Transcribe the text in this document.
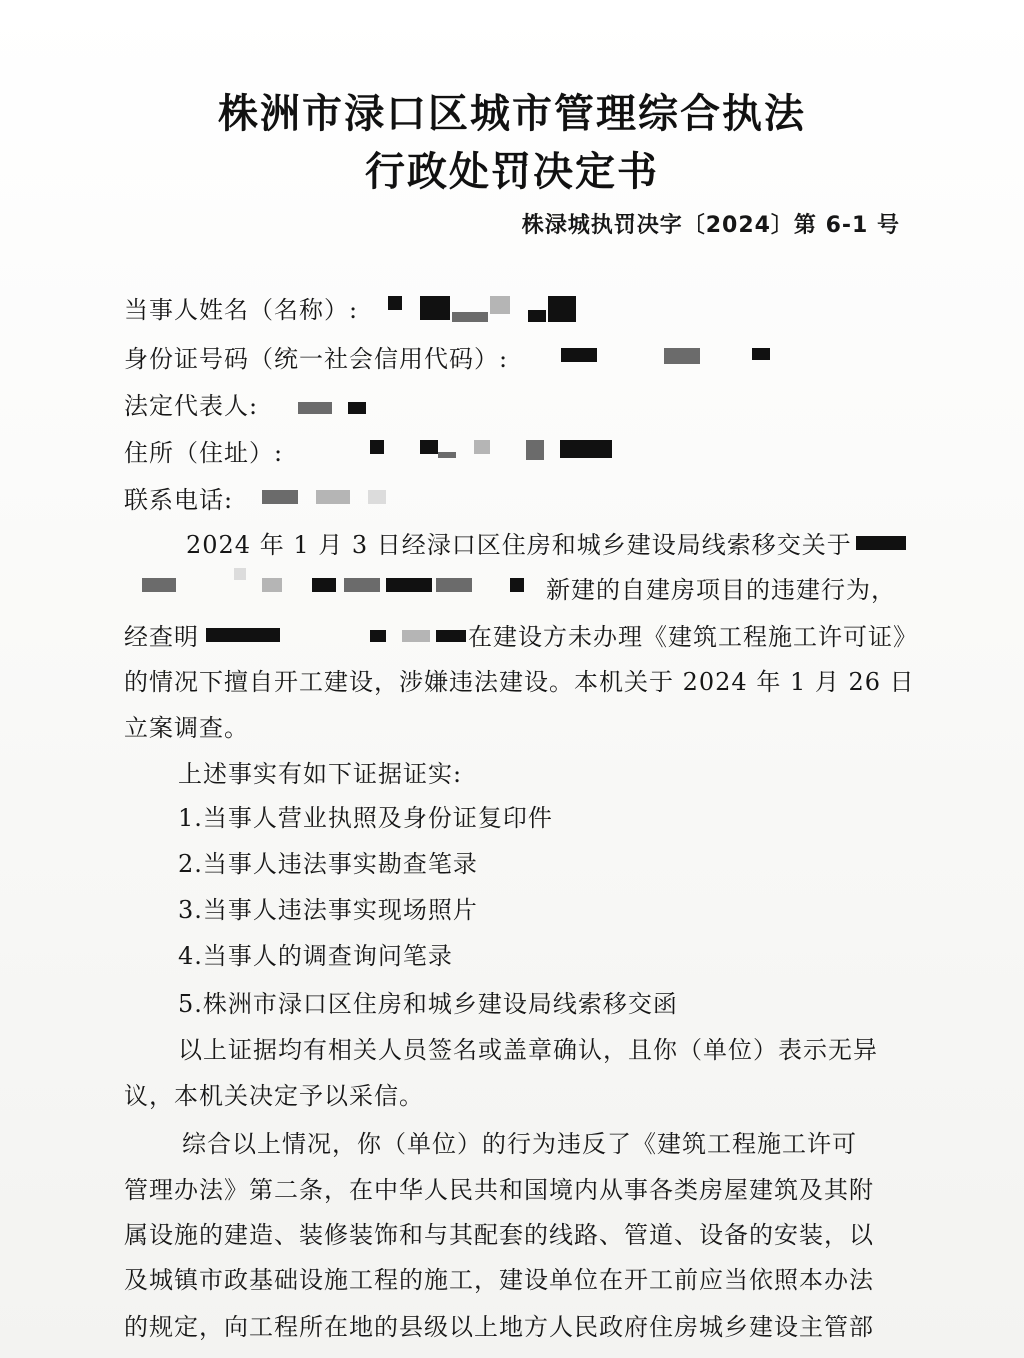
株洲市渌口区城市管理综合执法
行政处罚决定书
株渌城执罚决字〔2024〕第 6-1 号
当事人姓名（名称）:
身份证号码（统一社会信用代码）:
法定代表人:
住所（住址）:
联系电话:
2024 年 1 月 3 日经渌口区住房和城乡建设局线索移交关于
新建的自建房项目的违建行为，
经查明	在建设方未办理《建筑工程施工许可证》
的情况下擅自开工建设，涉嫌违法建设。本机关于 2024 年 1 月 26 日
立案调查。
上述事实有如下证据证实:
1.当事人营业执照及身份证复印件
2.当事人违法事实勘查笔录
3.当事人违法事实现场照片
4.当事人的调查询问笔录
5.株洲市渌口区住房和城乡建设局线索移交函
以上证据均有相关人员签名或盖章确认，且你（单位）表示无异
议，本机关决定予以采信。
综合以上情况，你（单位）的行为违反了《建筑工程施工许可
管理办法》第二条，在中华人民共和国境内从事各类房屋建筑及其附
属设施的建造、装修装饰和与其配套的线路、管道、设备的安装，以
及城镇市政基础设施工程的施工，建设单位在开工前应当依照本办法
的规定，向工程所在地的县级以上地方人民政府住房城乡建设主管部
